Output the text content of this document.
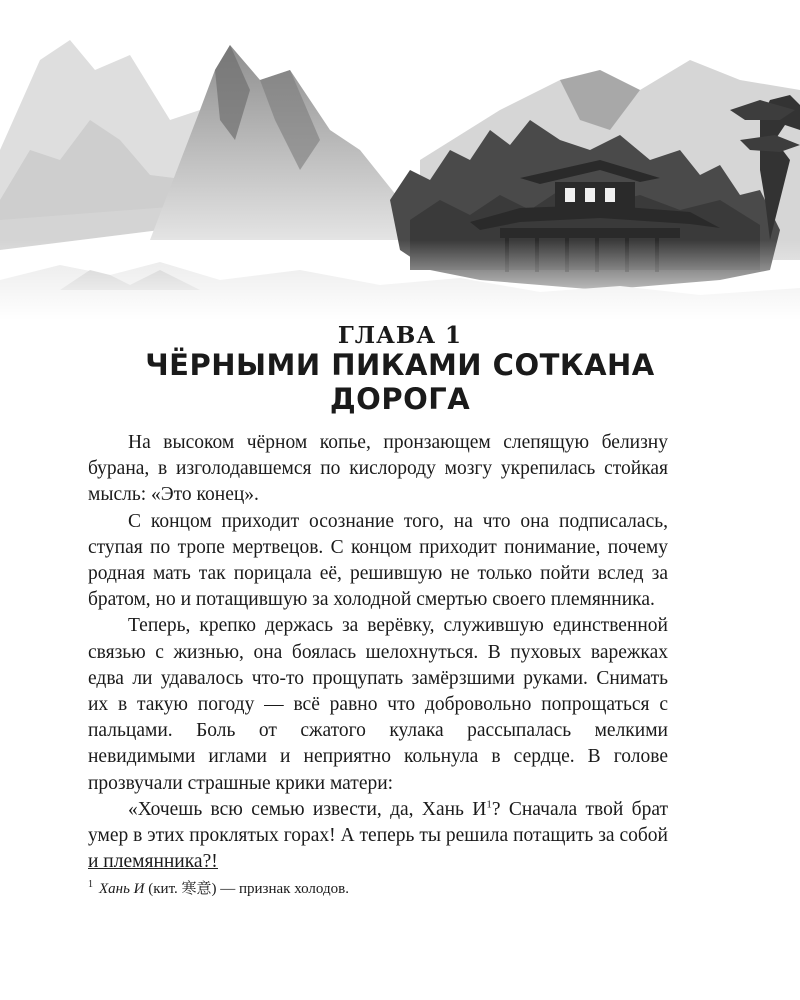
ГЛАВА 1
ЧЁРНЫМИ ПИКАМИ СОТКАНА
ДОРОГА

На высоком чёрном копье, пронзающем слепящую белизну бурана, в изголодавшемся по кислороду мозгу укрепилась стойкая мысль: «Это конец».

С концом приходит осознание того, на что она подписалась, ступая по тропе мертвецов. С концом приходит понимание, почему родная мать так порицала её, решившую не только пойти вслед за братом, но и потащившую за холодной смертью своего племянника.

Теперь, крепко держась за верёвку, служившую единственной связью с жизнью, она боялась шелохнуться. В пуховых варежках едва ли удавалось что-то прощупать замёрзшими руками. Снимать их в такую погоду — всё равно что добровольно попрощаться с пальцами. Боль от сжатого кулака рассыпалась мелкими невидимыми иглами и неприятно кольнула в сердце. В голове прозвучали страшные крики матери:

«Хочешь всю семью извести, да, Хань $И^1$? Сначала твой брат умер в этих проклятых горах! А теперь ты решила потащить за собой и племянника?!

$^1$ Хань И (кит. 寒意) — признак холодов.
